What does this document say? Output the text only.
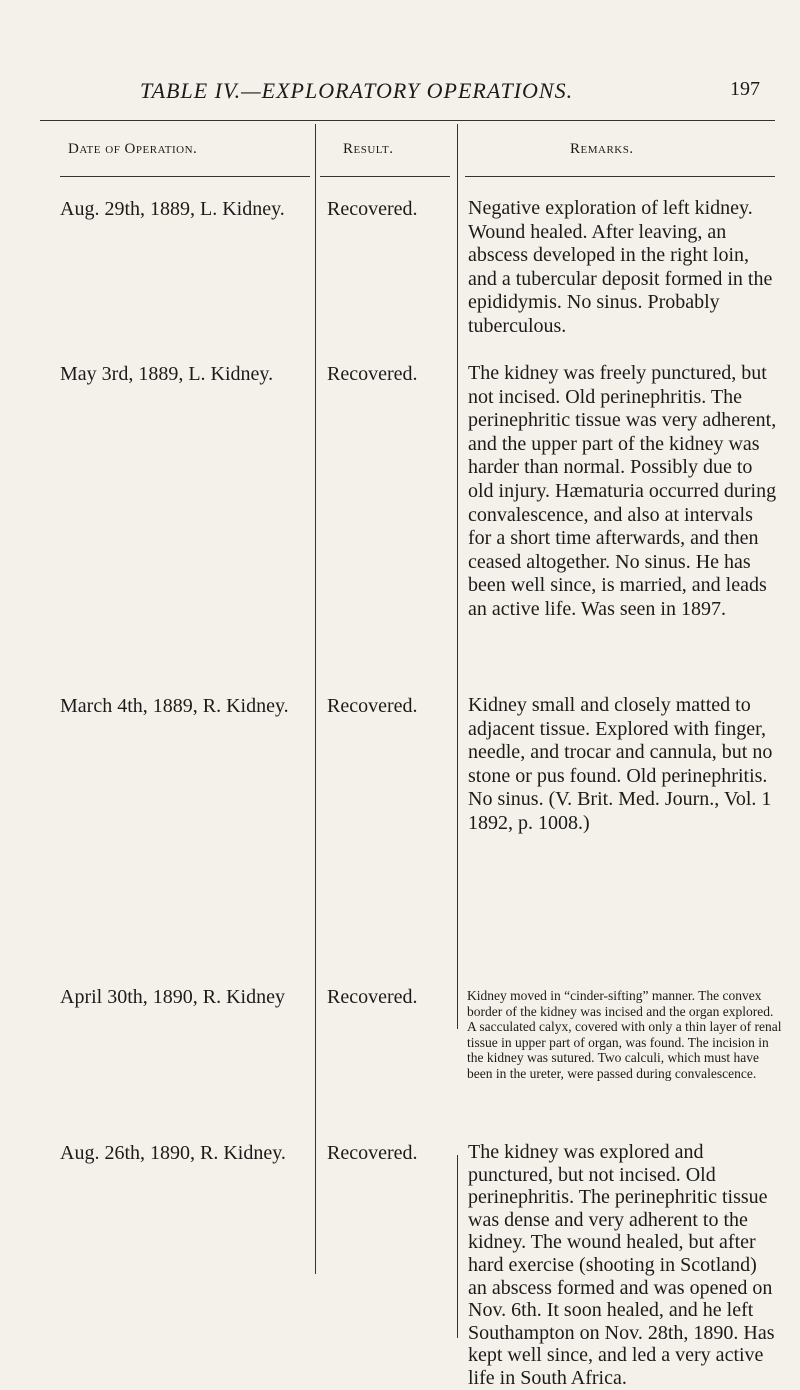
TABLE IV.—EXPLORATORY OPERATIONS.	197
Date of Operation.	Result.	Remarks.
Aug. 29th, 1889, L. Kidney. Recovered.	Negative exploration of left kidney. Wound healed. After leaving, an abscess developed in the right loin, and a tubercular deposit formed in the epididymis. No sinus. Probably tuberculous.
May 3rd, 1889, L. Kidney.	Recovered.	The kidney was freely punctured, but not incised. Old perinephritis. The perinephritic tissue was very adherent, and the upper part of the kidney was harder than normal. Possibly due to old injury. Hæmaturia occurred during convalescence, and also at intervals for a short time afterwards, and then ceased altogether. No sinus. He has been well since, is married, and leads an active life. Was seen in 1897.
March 4th, 1889, R. Kidney. Recovered.	Kidney small and closely matted to adjacent tissue. Explored with finger, needle, and trocar and cannula, but no stone or pus found. Old perinephritis. No sinus. (V. Brit. Med. Journ., Vol. 1 1892, p. 1008.)
April 30th, 1890, R. Kidney Recovered.	Kidney moved in “cinder-sifting” manner. The convex border of the kidney was incised and the organ explored. A sacculated calyx, covered with only a thin layer of renal tissue in upper part of organ, was found. The incision in the kidney was sutured. Two calculi, which must have been in the ureter, were passed during convalescence.
Aug. 26th, 1890, R. Kidney. Recovered.	The kidney was explored and punctured, but not incised. Old perinephritis. The perinephritic tissue was dense and very adherent to the kidney. The wound healed, but after hard exercise (shooting in Scotland) an abscess formed and was opened on Nov. 6th. It soon healed, and he left Southampton on Nov. 28th, 1890. Has kept well since, and led a very active life in South Africa.
